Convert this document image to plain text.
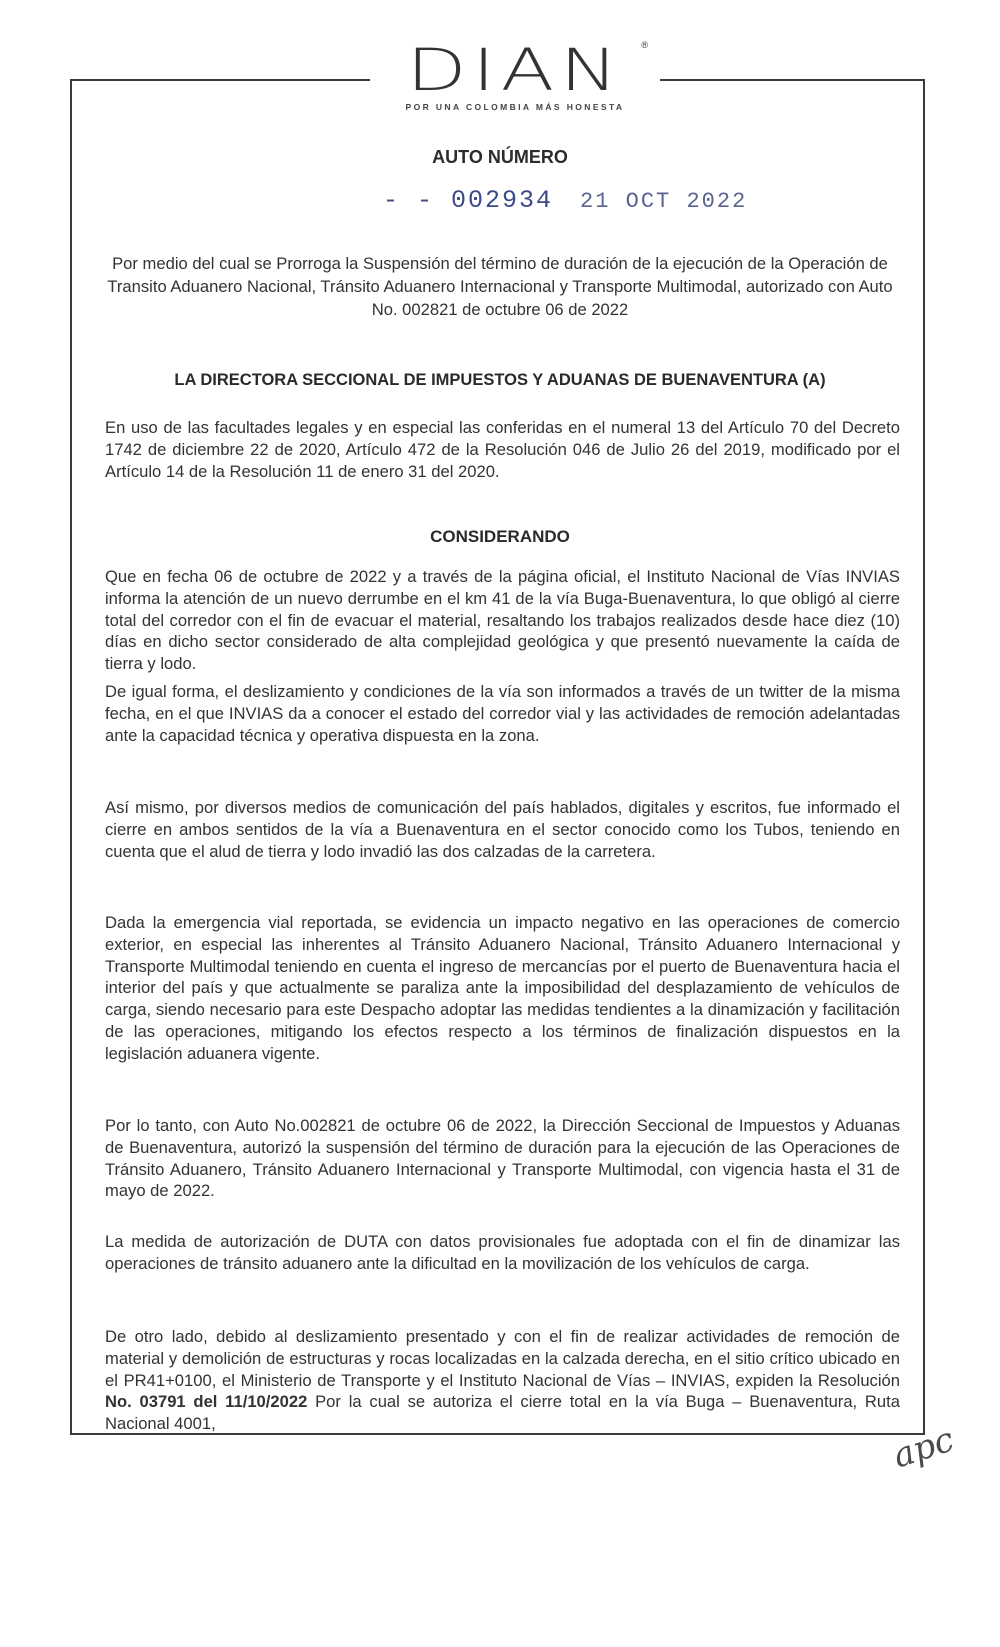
DIAN	®
POR UNA COLOMBIA MÁS HONESTA
AUTO NÚMERO
- - 002934 21 OCT 2022
Por medio del cual se Prorroga la Suspensión del término de duración de la ejecución de la Operación de Transito Aduanero Nacional, Tránsito Aduanero Internacional y Transporte Multimodal, autorizado con Auto No. 002821 de octubre 06 de 2022
LA DIRECTORA SECCIONAL DE IMPUESTOS Y ADUANAS DE BUENAVENTURA (A)

En uso de las facultades legales y en especial las conferidas en el numeral 13 del Artículo 70 del Decreto 1742 de diciembre 22 de 2020, Artículo 472 de la Resolución 046 de Julio 26 del 2019, modificado por el Artículo 14 de la Resolución 11 de enero 31 del 2020.

CONSIDERANDO

Que en fecha 06 de octubre de 2022 y a través de la página oficial, el Instituto Nacional de Vías INVIAS informa la atención de un nuevo derrumbe en el km 41 de la vía Buga-Buenaventura, lo que obligó al cierre total del corredor con el fin de evacuar el material, resaltando los trabajos realizados desde hace diez (10) días en dicho sector considerado de alta complejidad geológica y que presentó nuevamente la caída de tierra y lodo.

De igual forma, el deslizamiento y condiciones de la vía son informados a través de un twitter de la misma fecha, en el que INVIAS da a conocer el estado del corredor vial y las actividades de remoción adelantadas ante la capacidad técnica y operativa dispuesta en la zona.

Así mismo, por diversos medios de comunicación del país hablados, digitales y escritos, fue informado el cierre en ambos sentidos de la vía a Buenaventura en el sector conocido como los Tubos, teniendo en cuenta que el alud de tierra y lodo invadió las dos calzadas de la carretera.

Dada la emergencia vial reportada, se evidencia un impacto negativo en las operaciones de comercio exterior, en especial las inherentes al Tránsito Aduanero Nacional, Tránsito Aduanero Internacional y Transporte Multimodal teniendo en cuenta el ingreso de mercancías por el puerto de Buenaventura hacia el interior del país y que actualmente se paraliza ante la imposibilidad del desplazamiento de vehículos de carga, siendo necesario para este Despacho adoptar las medidas tendientes a la dinamización y facilitación de las operaciones, mitigando los efectos respecto a los términos de finalización dispuestos en la legislación aduanera vigente.

Por lo tanto, con Auto No.002821 de octubre 06 de 2022, la Dirección Seccional de Impuestos y Aduanas de Buenaventura, autorizó la suspensión del término de duración para la ejecución de las Operaciones de Tránsito Aduanero, Tránsito Aduanero Internacional y Transporte Multimodal, con vigencia hasta el 31 de mayo de 2022.

La medida de autorización de DUTA con datos provisionales fue adoptada con el fin de dinamizar las operaciones de tránsito aduanero ante la dificultad en la movilización de los vehículos de carga.

De otro lado, debido al deslizamiento presentado y con el fin de realizar actividades de remoción de material y demolición de estructuras y rocas localizadas en la calzada derecha, en el sitio crítico ubicado en el PR41+0100, el Ministerio de Transporte y el Instituto Nacional de Vías – INVIAS, expiden la Resolución No. 03791 del 11/10/2022 Por la cual se autoriza el cierre total en la vía Buga – Buenaventura, Ruta Nacional 4001,	apc
